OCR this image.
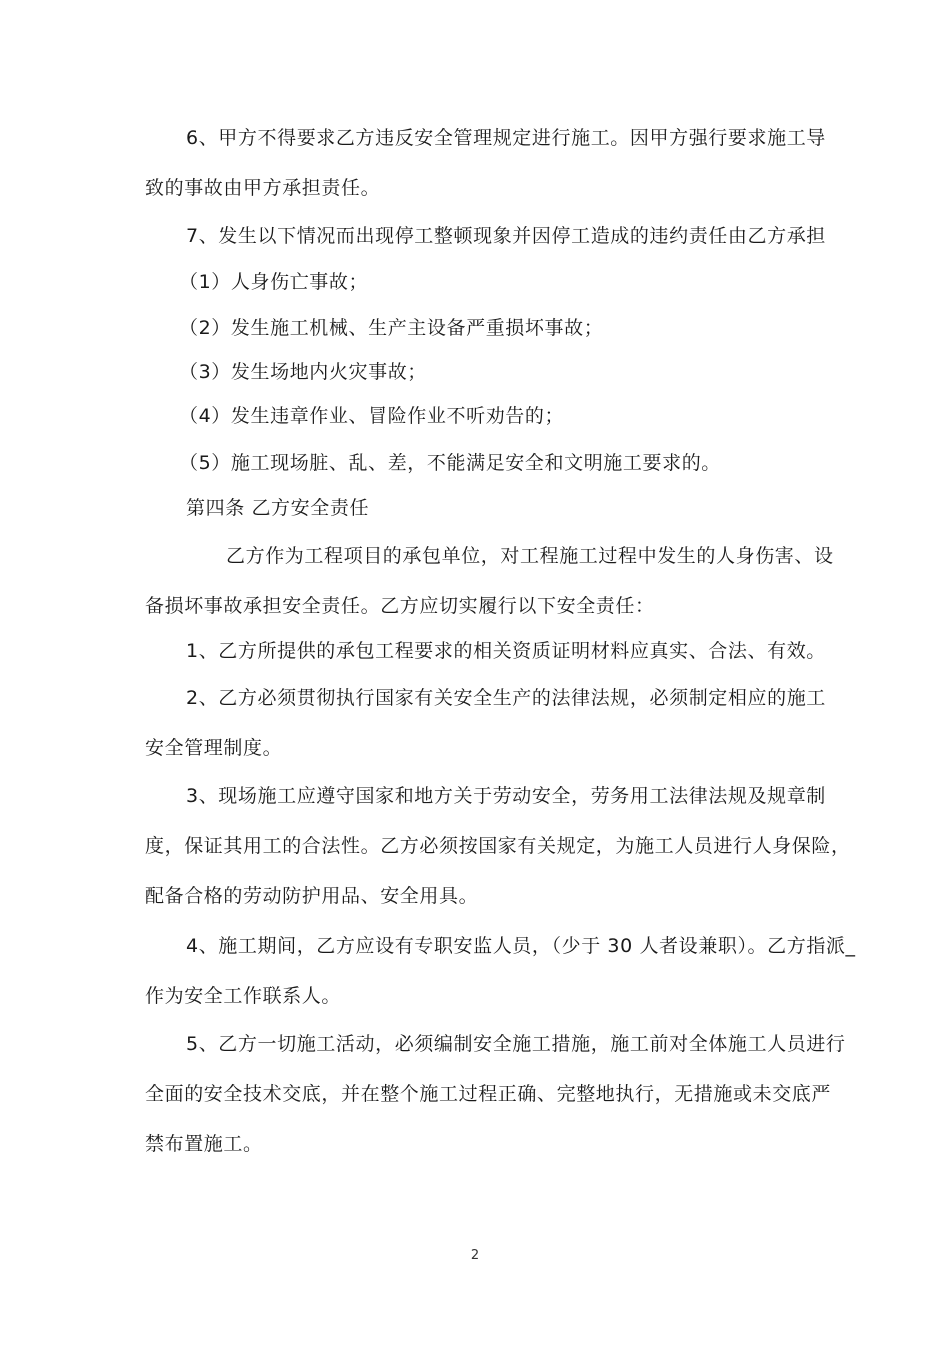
6、甲方不得要求乙方违反安全管理规定进行施工。因甲方强行要求施工导
致的事故由甲方承担责任。
7、发生以下情况而出现停工整顿现象并因停工造成的违约责任由乙方承担
（1）人身伤亡事故；
（2）发生施工机械、生产主设备严重损坏事故；
（3）发生场地内火灾事故；
（4）发生违章作业、冒险作业不听劝告的；
（5）施工现场脏、乱、差，不能满足安全和文明施工要求的。
第四条 乙方安全责任
乙方作为工程项目的承包单位，对工程施工过程中发生的人身伤害、设
备损坏事故承担安全责任。乙方应切实履行以下安全责任：
1、乙方所提供的承包工程要求的相关资质证明材料应真实、合法、有效。
2、乙方必须贯彻执行国家有关安全生产的法律法规，必须制定相应的施工
安全管理制度。
3、现场施工应遵守国家和地方关于劳动安全，劳务用工法律法规及规章制
度，保证其用工的合法性。乙方必须按国家有关规定，为施工人员进行人身保险，
配备合格的劳动防护用品、安全用具。
4、施工期间，乙方应设有专职安监人员，（少于 30 人者设兼职）。乙方指派_
作为安全工作联系人。
5、乙方一切施工活动，必须编制安全施工措施，施工前对全体施工人员进行
全面的安全技术交底，并在整个施工过程正确、完整地执行，无措施或未交底严
禁布置施工。
2
